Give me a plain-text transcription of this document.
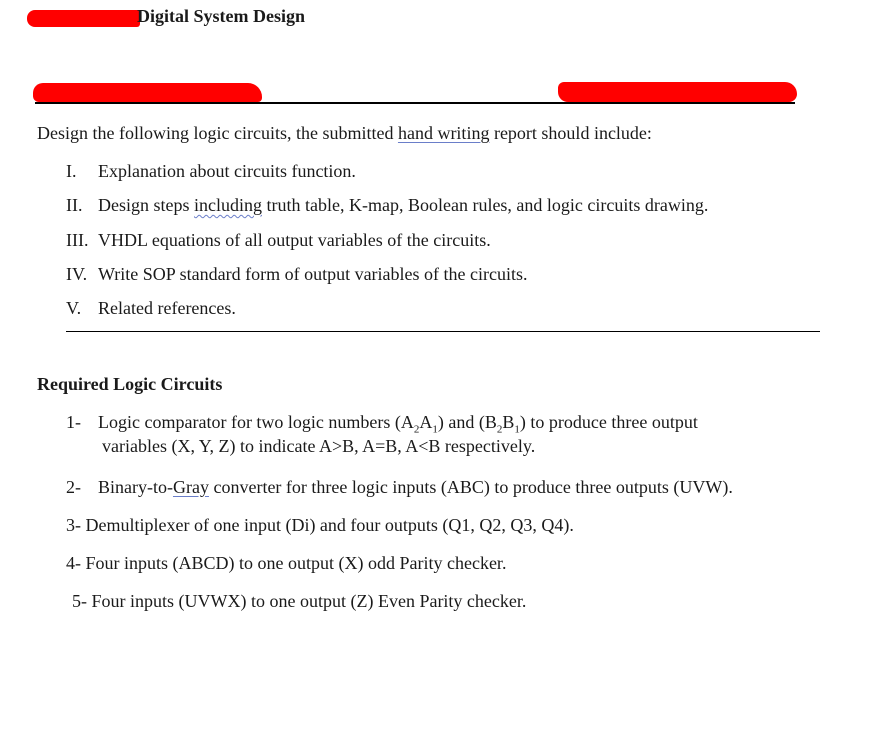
Digital System Design
Design the following logic circuits, the submitted hand writing report should include:
I. Explanation about circuits function.
II. Design steps including truth table, K-map, Boolean rules, and logic circuits drawing.
III. VHDL equations of all output variables of the circuits.
IV. Write SOP standard form of output variables of the circuits.
V. Related references.
Required Logic Circuits
1- Logic comparator for two logic numbers $(A_2A_1)$ and $(B_2B_1)$ to produce three output
variables (X, Y, Z) to indicate A>B, A=B, A<B respectively.
2- Binary-to-Gray converter for three logic inputs (ABC) to produce three outputs (UVW).
3- Demultiplexer of one input (Di) and four outputs (Q1, Q2, Q3, Q4).
4- Four inputs (ABCD) to one output (X) odd Parity checker.
5- Four inputs (UVWX) to one output (Z) Even Parity checker.
